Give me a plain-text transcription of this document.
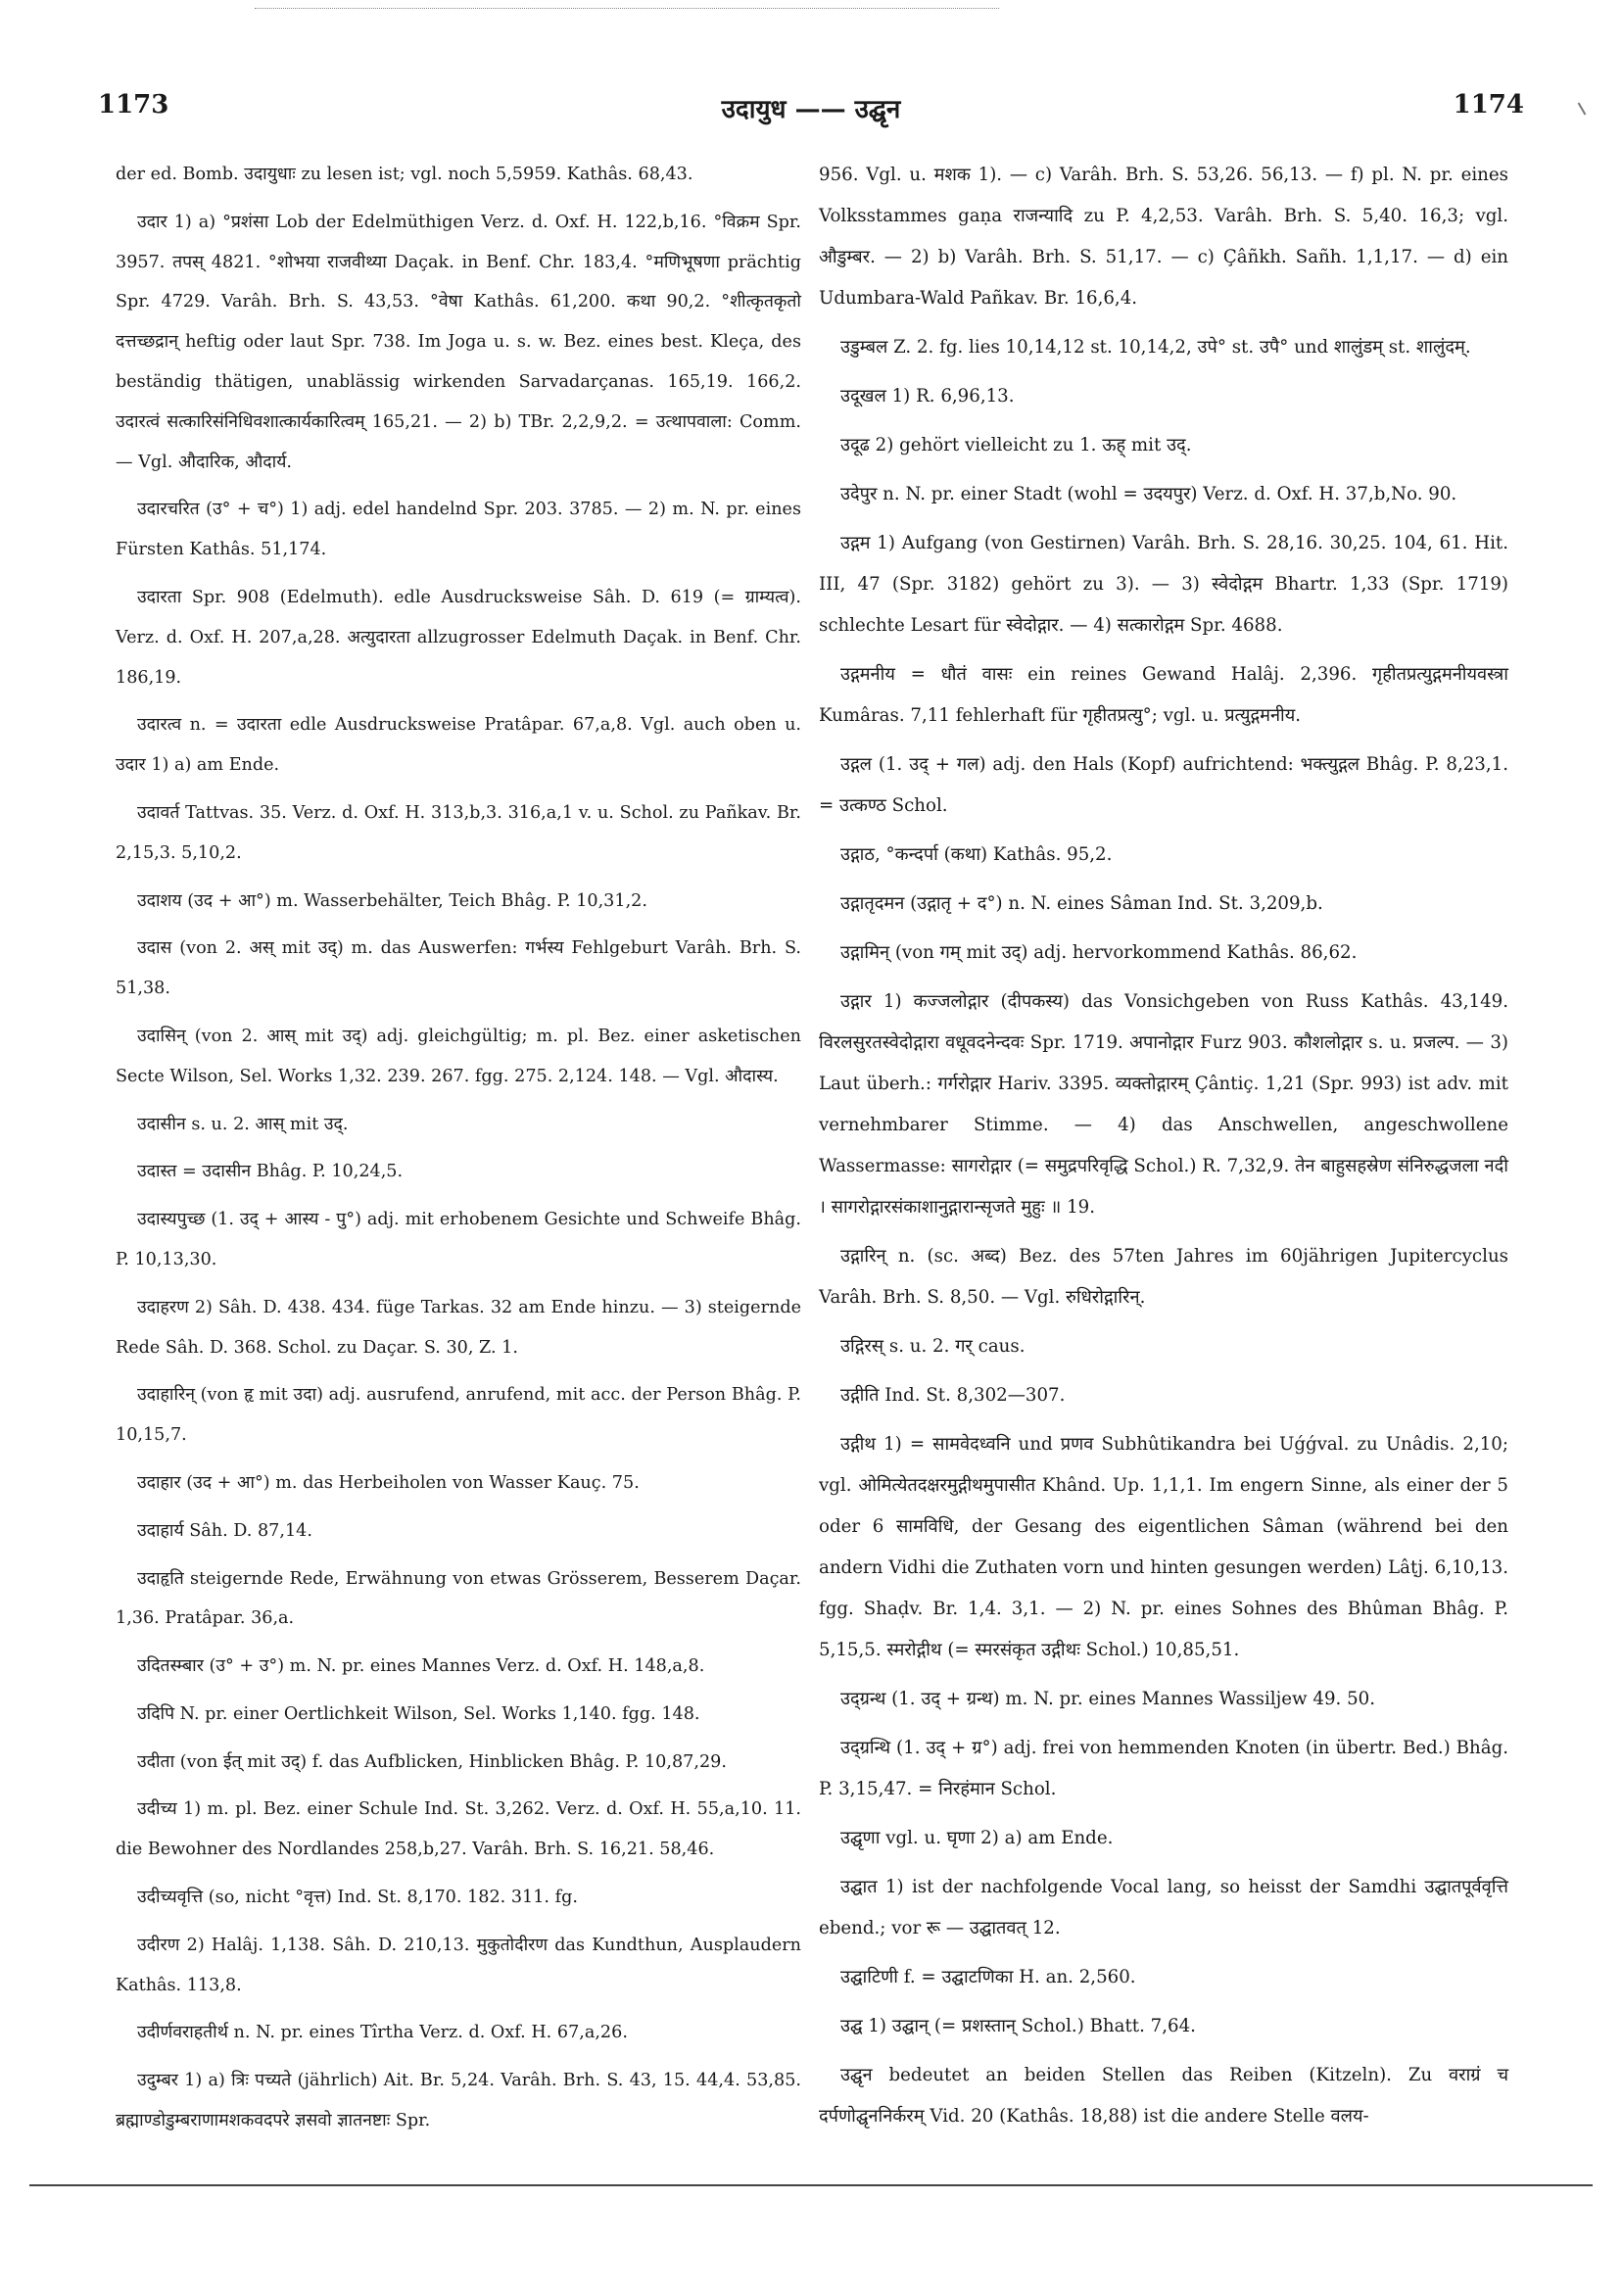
1173	उदायुध —— उद्घृन	1174

der ed. Bomb. उदायुधाः zu lesen ist; vgl. noch 5,5959. Kathâs. 68,43.

उदार 1) a) °प्रशंसा Lob der Edelmüthigen Verz. d. Oxf. H. 122,b,16. °विक्रम Spr. 3957. तपस् 4821. °शोभया राजवीथ्या Daçak. in Benf. Chr. 183,4. °मणिभूषणा prächtig Spr. 4729. Varâh. Brh. S. 43,53. °वेषा Kathâs. 61,200. कथा 90,2. °शीत्कृतकृतो दत्तच्छद्रान् heftig oder laut Spr. 738. Im Joga u. s. w. Bez. eines best. Kleça, des beständig thätigen, unablässig wirkenden Sarvadarçanas. 165,19. 166,2. उदारत्वं सत्कारिसंनिधिवशात्कार्यकारित्वम् 165,21. — 2) b) TBr. 2,2,9,2. = उत्थापवाला: Comm. — Vgl. औदारिक, औदार्य.

उदारचरित (उ° + च°) 1) adj. edel handelnd Spr. 203. 3785. — 2) m. N. pr. eines Fürsten Kathâs. 51,174.

उदारता Spr. 908 (Edelmuth). edle Ausdrucksweise Sâh. D. 619 (= ग्राम्यत्व). Verz. d. Oxf. H. 207,a,28. अत्युदारता allzugrosser Edelmuth Daçak. in Benf. Chr. 186,19.

उदारत्व n. = उदारता edle Ausdrucksweise Pratâpar. 67,a,8. Vgl. auch oben u. उदार 1) a) am Ende.

उदावर्त Tattvas. 35. Verz. d. Oxf. H. 313,b,3. 316,a,1 v. u. Schol. zu Pañkav. Br. 2,15,3. 5,10,2.

उदाशय (उद + आ°) m. Wasserbehälter, Teich Bhâg. P. 10,31,2.

उदास (von 2. अस् mit उद्) m. das Auswerfen: गर्भस्य Fehlgeburt Varâh. Brh. S. 51,38.

उदासिन् (von 2. आस् mit उद्) adj. gleichgültig; m. pl. Bez. einer asketischen Secte Wilson, Sel. Works 1,32. 239. 267. fgg. 275. 2,124. 148. — Vgl. औदास्य.

उदासीन s. u. 2. आस् mit उद्.

उदास्त = उदासीन Bhâg. P. 10,24,5.

उदास्यपुच्छ (1. उद् + आस्य - पु°) adj. mit erhobenem Gesichte und Schweife Bhâg. P. 10,13,30.

उदाहरण 2) Sâh. D. 438. 434. füge Tarkas. 32 am Ende hinzu. — 3) steigernde Rede Sâh. D. 368. Schol. zu Daçar. S. 30, Z. 1.

उदाहारिन् (von हृ mit उदा) adj. ausrufend, anrufend, mit acc. der Person Bhâg. P. 10,15,7.

उदाहार (उद + आ°) m. das Herbeiholen von Wasser Kauç. 75.

उदाहार्य Sâh. D. 87,14.

उदाहृति steigernde Rede, Erwähnung von etwas Grösserem, Besserem Daçar. 1,36. Pratâpar. 36,a.

उदितस्म्बार (उ° + उ°) m. N. pr. eines Mannes Verz. d. Oxf. H. 148,a,8.

उदिपि N. pr. einer Oertlichkeit Wilson, Sel. Works 1,140. fgg. 148.

उदीता (von ईत् mit उद्) f. das Aufblicken, Hinblicken Bhâg. P. 10,87,29.

उदीच्य 1) m. pl. Bez. einer Schule Ind. St. 3,262. Verz. d. Oxf. H. 55,a,10. 11. die Bewohner des Nordlandes 258,b,27. Varâh. Brh. S. 16,21. 58,46.

उदीच्यवृत्ति (so, nicht °वृत्त) Ind. St. 8,170. 182. 311. fg.

उदीरण 2) Halâj. 1,138. Sâh. D. 210,13. मुकुतोदीरण das Kundthun, Ausplaudern Kathâs. 113,8.

उदीर्णवराहतीर्थ n. N. pr. eines Tîrtha Verz. d. Oxf. H. 67,a,26.

उदुम्बर 1) a) त्रिः पच्यते (jährlich) Ait. Br. 5,24. Varâh. Brh. S. 43, 15. 44,4. 53,85. ब्रह्माण्डोडुम्बराणामशकवदपरे ज्ञसवो ज्ञातनष्टाः Spr.

956. Vgl. u. मशक 1). — c) Varâh. Brh. S. 53,26. 56,13. — f) pl. N. pr. eines Volksstammes gaṇa राजन्यादि zu P. 4,2,53. Varâh. Brh. S. 5,40. 16,3; vgl. औडुम्बर. — 2) b) Varâh. Brh. S. 51,17. — c) Çâñkh. Sañh. 1,1,17. — d) ein Udumbara-Wald Pañkav. Br. 16,6,4.

उडुम्बल Z. 2. fg. lies 10,14,12 st. 10,14,2, उपे° st. उपै° und शालुंडम् st. शालुंदम्.

उदूखल 1) R. 6,96,13.

उदूढ 2) gehört vielleicht zu 1. ऊह् mit उद्.

उदेपुर n. N. pr. einer Stadt (wohl = उदयपुर) Verz. d. Oxf. H. 37,b,No. 90.

उद्गम 1) Aufgang (von Gestirnen) Varâh. Brh. S. 28,16. 30,25. 104, 61. Hit. III, 47 (Spr. 3182) gehört zu 3). — 3) स्वेदोद्गम Bhartr. 1,33 (Spr. 1719) schlechte Lesart für स्वेदोद्गार. — 4) सत्कारोद्गम Spr. 4688.

उद्गमनीय = धौतं वासः ein reines Gewand Halâj. 2,396. गृहीतप्रत्युद्गमनीयवस्त्रा Kumâras. 7,11 fehlerhaft für गृहीतप्रत्यु°; vgl. u. प्रत्युद्गमनीय.

उद्गल (1. उद् + गल) adj. den Hals (Kopf) aufrichtend: भक्त्युद्गल Bhâg. P. 8,23,1. = उत्कण्ठ Schol.

उद्गाठ, °कन्दर्पा (कथा) Kathâs. 95,2.

उद्गातृदमन (उद्गातृ + द°) n. N. eines Sâman Ind. St. 3,209,b.

उद्गामिन् (von गम् mit उद्) adj. hervorkommend Kathâs. 86,62.

उद्गार 1) कज्जलोद्गार (दीपकस्य) das Vonsichgeben von Russ Kathâs. 43,149. विरलसुरतस्वेदोद्गारा वधूवदनेन्दवः Spr. 1719. अपानोद्गार Furz 903. कौशलोद्गार s. u. प्रजल्प. — 3) Laut überh.: गर्गरोद्गार Hariv. 3395. व्यक्तोद्गारम् Çântiç. 1,21 (Spr. 993) ist adv. mit vernehmbarer Stimme. — 4) das Anschwellen, angeschwollene Wassermasse: सागरोद्गार (= समुद्रपरिवृद्धि Schol.) R. 7,32,9. तेन बाहुसहस्रेण संनिरुद्धजला नदी । सागरोद्गारसंकाशानुद्गारान्सृजते मुहुः ॥ 19.

उद्गारिन् n. (sc. अब्द) Bez. des 57ten Jahres im 60jährigen Jupitercyclus Varâh. Brh. S. 8,50. — Vgl. रुधिरोद्गारिन्.

उद्गिरस् s. u. 2. गर् caus.

उद्गीति Ind. St. 8,302—307.

उद्गीथ 1) = सामवेदध्वनि und प्रणव Subhûtikandra bei Uǵǵval. zu Unâdis. 2,10; vgl. ओमित्येतदक्षरमुद्गीथमुपासीत Khând. Up. 1,1,1. Im engern Sinne, als einer der 5 oder 6 सामविधि, der Gesang des eigentlichen Sâman (während bei den andern Vidhi die Zuthaten vorn und hinten gesungen werden) Lâṭj. 6,10,13. fgg. Shaḍv. Br. 1,4. 3,1. — 2) N. pr. eines Sohnes des Bhûman Bhâg. P. 5,15,5. स्मरोद्गीथ (= स्मरसंकृत उद्गीथः Schol.) 10,85,51.

उद्ग्रन्थ (1. उद् + ग्रन्थ) m. N. pr. eines Mannes Wassiljew 49. 50.

उद्ग्रन्थि (1. उद् + ग्र°) adj. frei von hemmenden Knoten (in übertr. Bed.) Bhâg. P. 3,15,47. = निरहंमान Schol.

उद्घृणा vgl. u. घृणा 2) a) am Ende.

उद्घात 1) ist der nachfolgende Vocal lang, so heisst der Samdhi उद्घातपूर्ववृत्ति ebend.; vor रू — उद्घातवत् 12.

उद्घाटिणी f. = उद्घाटणिका H. an. 2,560.

उद्घ 1) उद्घान् (= प्रशस्तान् Schol.) Bhatt. 7,64.

उद्घृन bedeutet an beiden Stellen das Reiben (Kitzeln). Zu वराग्रं च दर्पणोद्घृननिर्करम् Vid. 20 (Kathâs. 18,88) ist die andere Stelle वलय-
